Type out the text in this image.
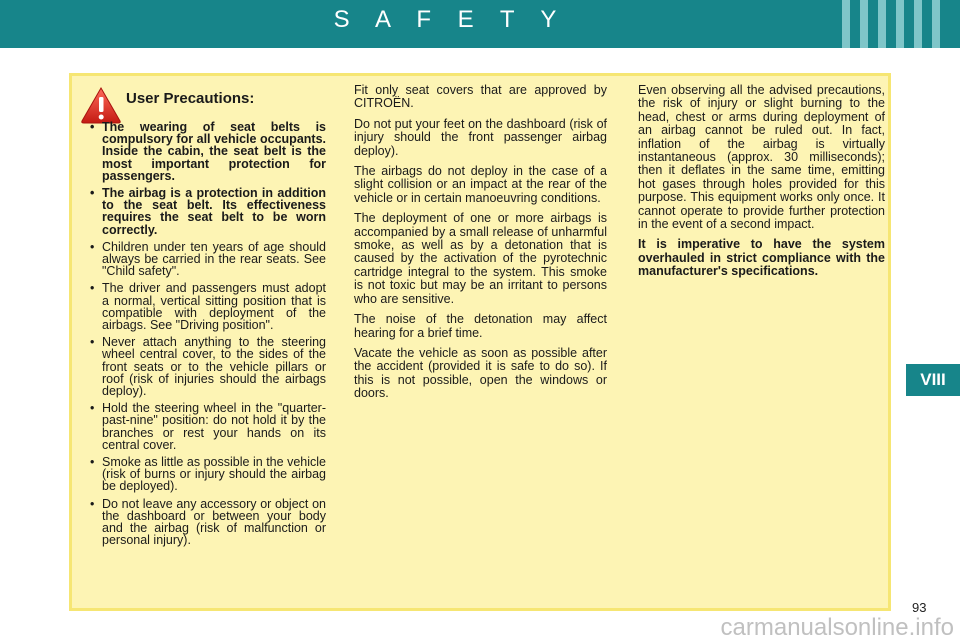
S A F E T Y
VIII
User Precautions:
• The wearing of seat belts is compulsory for all vehicle occupants. Inside the cabin, the seat belt is the most important protection for passengers.
• The airbag is a protection in addition to the seat belt. Its effectiveness requires the seat belt to be worn correctly.
• Children under ten years of age should always be carried in the rear seats. See "Child safety".
• The driver and passengers must adopt a normal, vertical sitting position that is compatible with deployment of the airbags. See "Driving position".
• Never attach anything to the steering wheel central cover, to the sides of the front seats or to the vehicle pillars or roof (risk of injuries should the airbags deploy).
• Hold the steering wheel in the "quarter-past-nine" position: do not hold it by the branches or rest your hands on its central cover.
• Smoke as little as possible in the vehicle (risk of burns or injury should the airbag be deployed).
• Do not leave any accessory or object on the dashboard or between your body and the airbag (risk of malfunction or personal injury).

Fit only seat covers that are approved by CITROËN.

Do not put your feet on the dashboard (risk of injury should the front passenger airbag deploy).

The airbags do not deploy in the case of a slight collision or an impact at the rear of the vehicle or in certain manoeuvring conditions.

The deployment of one or more airbags is accompanied by a small release of unharmful smoke, as well as by a detonation that is caused by the activation of the pyrotechnic cartridge integral to the system. This smoke is not toxic but may be an irritant to persons who are sensitive.

The noise of the detonation may affect hearing for a brief time.

Vacate the vehicle as soon as possible after the accident (provided it is safe to do so). If this is not possible, open the windows or doors.

Even observing all the advised precautions, the risk of injury or slight burning to the head, chest or arms during deployment of an airbag cannot be ruled out. In fact, inflation of the airbag is virtually instantaneous (approx. 30 milliseconds); then it deflates in the same time, emitting hot gases through holes provided for this purpose. This equipment works only once. It cannot operate to provide further protection in the event of a second impact.

It is imperative to have the system overhauled in strict compliance with the manufacturer's specifications.

93
carmanualsonline.info
